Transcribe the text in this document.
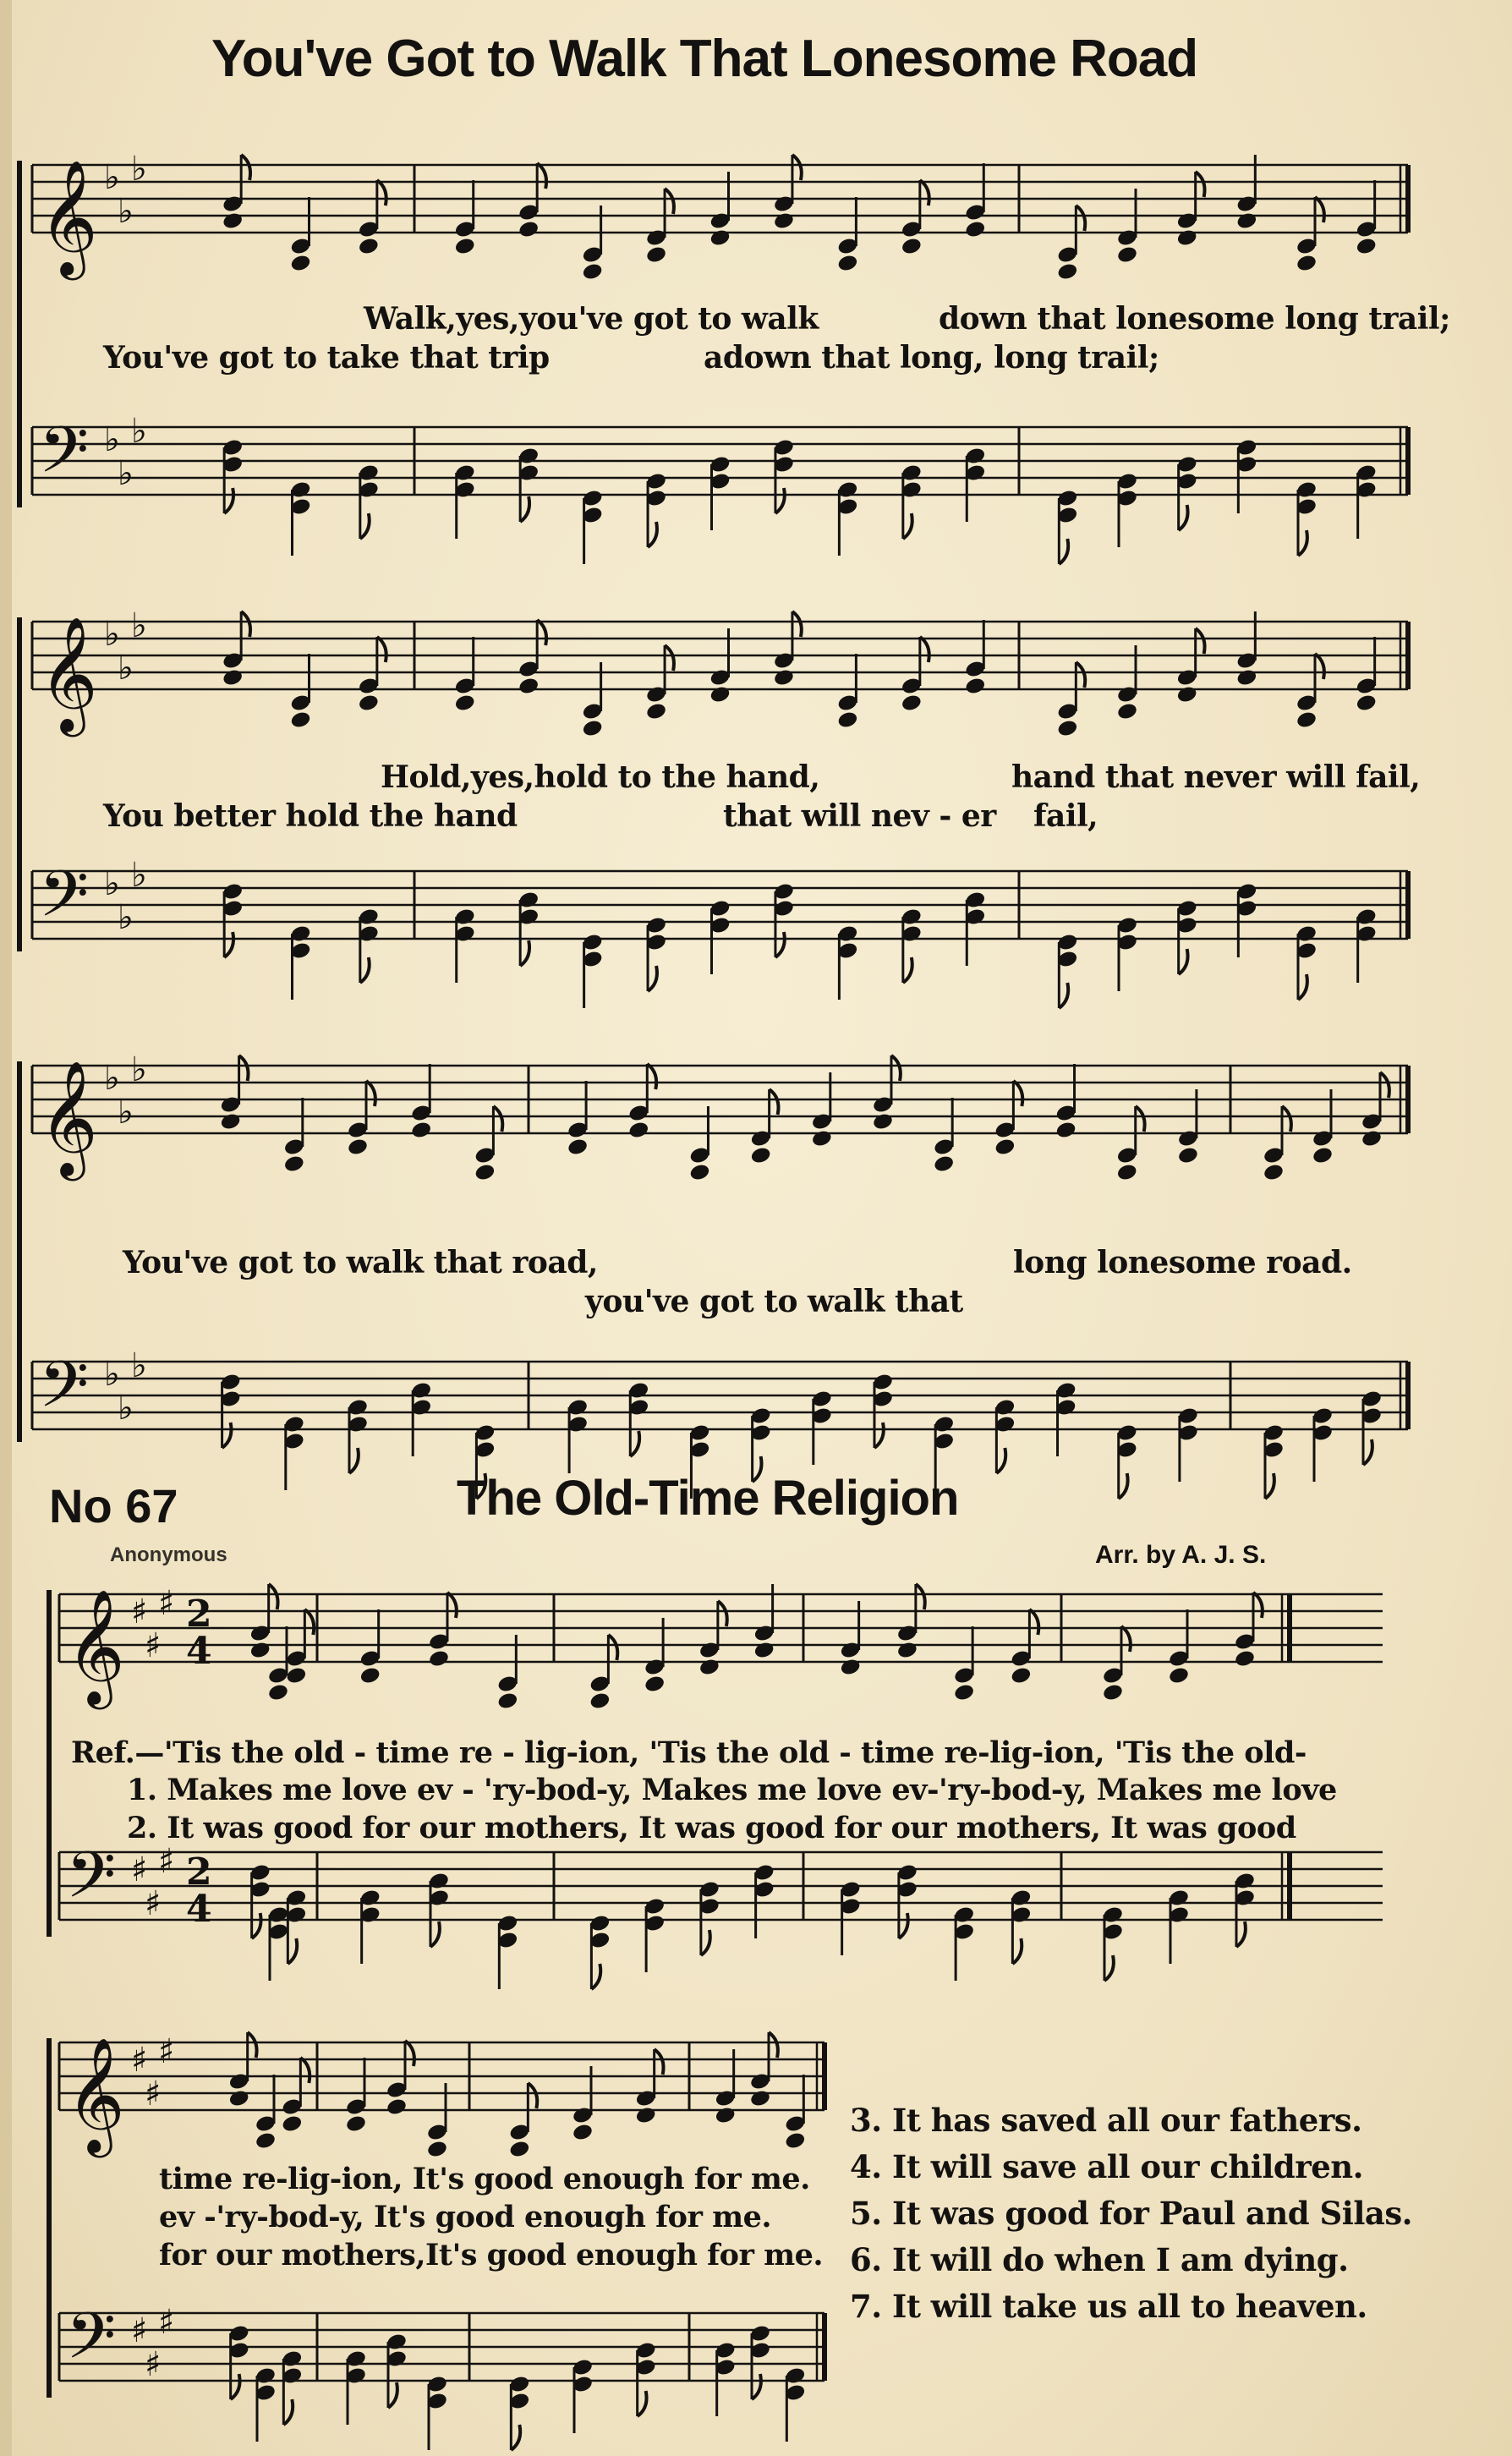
𝄞 ♭
♭
♭
𝄢 ♭
♭
♭
𝄞 ♭
♭
♭
𝄢 ♭
♭
♭
𝄞 ♭
♭
♭
𝄢 ♭
♭
♭
𝄞 ♯
♯
♯ 2
4
𝄢 ♯
♯
♯ 2
4
𝄞 ♯
♯
♯
𝄢 ♯
♯
♯
You've Got to Walk That Lonesome Road
Walk,yes,you've got to walk	down that lonesome long trail;
You've got to take that trip	adown that long, long trail;
Hold,yes,hold to the hand,	hand that never will fail,
You better hold the hand	that will nev - er fail,
You've got to walk that road,	long lonesome road.
you've got to walk that
No 67	The Old-Time Religion
Anonymous	Arr. by A. J. S.
Ref.—'Tis the old - time re - lig-ion, 'Tis the old - time re-lig-ion, 'Tis the old-
1. Makes me love ev - 'ry-bod-y, Makes me love ev-'ry-bod-y, Makes me love
2. It was good for our mothers, It was good for our mothers, It was good
time re-lig-ion, It's good enough for me.
ev -'ry-bod-y, It's good enough for me.
for our mothers,It's good enough for me.
3. It has saved all our fathers.
4. It will save all our children.
5. It was good for Paul and Silas.
6. It will do when I am dying.
7. It will take us all to heaven.
